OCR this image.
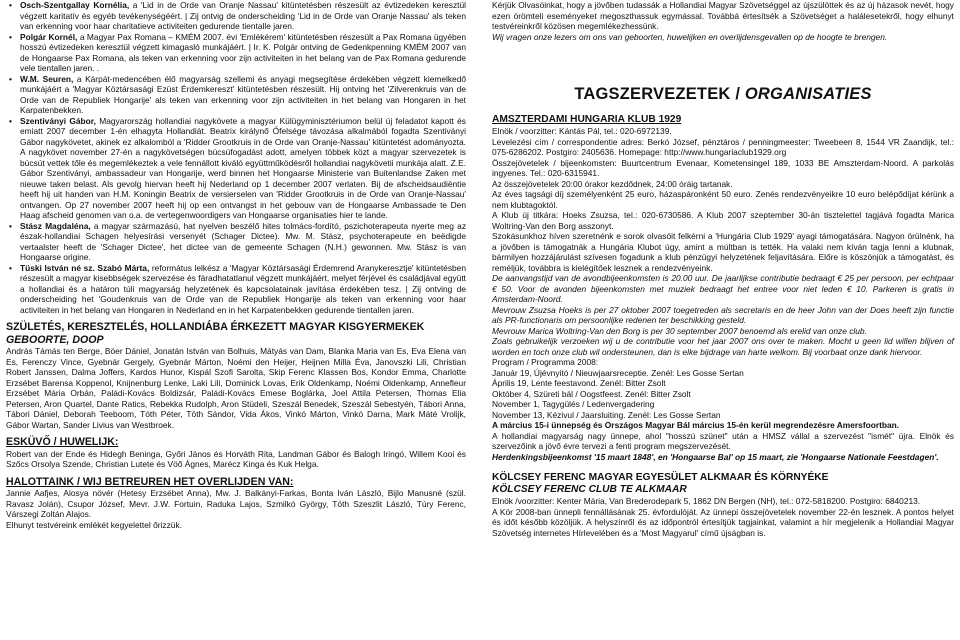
• Osch-Szentgallay Kornélia, a 'Lid in de Orde van Oranje Nassau' kitüntetésben részesült az évtizedeken keresztül végzett karitatív és egyéb tevékenységéért. | Zij ontvig de onderscheiding 'Lid in de Orde van Oranje Nassau' als teken van erkenning voor haar charitatieve activiteiten gedurende tientalle jaren.

• Polgár Kornél, a Magyar Pax Romana – KMÉM 2007. évi 'Emlékérem' kitüntetésben részesült a Pax Romana ügyében hosszú évtizedeken keresztül végzett kimagasló munkájáért. | Ir. K. Polgár ontving de Gedenkpenning KMÉM 2007 van de Hongaarse Pax Romana, als teken van erkenning voor zijn activiteiten in het belang van de Pax Romana gedurende vele tientallen jaren. .

• W.M. Seuren, a Kárpát-medencében élő magyarság szellemi és anyagi megsegítése érdekében végzett kiemelkedő munkájáért a 'Magyar Köztársasági Ezüst Érdemkereszt' kitüntetésben részesült. Hij ontving het 'Zilverenkruis van de Orde van de Republiek Hongarije' als teken van erkenning voor zijn activiteiten in het belang van Hongaren in het Karpatenbekken.

• Szentiványi Gábor, Magyarország hollandiai nagykövete a magyar Külügyminisztériumon belül új feladatot kapott és emiatt 2007 december 1-én elhagyta Hollandiát. Beatrix királynő Őfelsége távozása alkalmából fogadta Szentiványi Gábor nagykövetet, akinek ez alkalomból a 'Ridder Grootkruis in de Orde van Oranje-Nassau' kitüntetést adományozta. A nagykövet november 27-én a nagykövetségen búcsúfogadást adott, amelyen többek közt a magyar szervezetek is búcsút vettek tőle és megemlékeztek a vele fennállott kiváló együttműködésről hollandiai nagykövetii munkája alatt. Z.E. Gábor Szentiványi, ambassadeur van Hongarije, werd binnen het Hongaarse Ministerie van Buitenlandse Zaken met nieuwe taken belast. Als gevolg hiervan heeft hij Nederland op 1 december 2007 verlaten. Bij de afscheidsaudiëntie heeft hij uit handen van H.M. Koningin Beatrix de versierselen van 'Ridder Grootkruis in de Orde van Oranje-Nassau' ontvangen. Op 27 november 2007 heeft hij op een ontvangst in het gebouw van de Hongaarse Ambassade te Den Haag afscheid genomen van o.a. de vertegenwoordigers van Hongaarse organisaties hier te lande.

• Stász Magdaléna, a magyar származású, hat nyelven beszélő hites tolmács-fordító, pszichoterapeuta nyerte meg az észak-hollandiai Schagen helyesírási versenyét (Schager Dictee). Mw. M. Stász, psychoterapeute en beëdigde vertaalster heeft de 'Schager Dictee', het dictee van de gemeente Schagen (N.H.) gewonnen. Mw. Stász is van Hongaarse origine.

• Tüski István né sz. Szabó Márta, református lelkész a 'Magyar Köztársasági Érdemrend Aranykeresztje' kitüntetésben részesült a magyar kisebbségek szervezése és fáradhatatlanul végzett munkájáért, melyet férjével és családjával együtt a hollandiai és a határon túli magyarság helyzetének és kapcsolatainak javítása érdekében tesz. | Zij ontving de onderscheiding het 'Goudenkruis van de Orde van de Republiek Hongarije als teken van erkenning voor haar activiteiten in het belang van Hongaren in Nederland en in het Karpatenbekken gedurende tientallen jaren.

SZÜLETÉS, KERESZTELÉS, HOLLANDIÁBA ÉRKEZETT MAGYAR KISGYERMEKEK
GEBOORTE, DOOP

András Támás ten Berge, Böer Dániel, Jonatán István van Bolhuis, Mátyás van Dam, Blanka Maria van Es, Eva Elena van Es, Ferenczy Vince, Gyebnár Gergely, Gyebnár Márton, Noémi den Heijer, Heijnen Milla Éva, Janovszki Lili, Christian Robert Janssen, Dalma Joffers, Kardos Hunor, Kispál Szofi Sarolta, Skip Ferenc Klassen Bos, Kondor Emma, Charlotte Erzsébet Barensa Koppenol, Knijnenburg Lenke, Laki Lili, Dominick Lovas, Erik Oldenkamp, Noémi Oldenkamp, Annefleur Erzsébet Mária Orbán, Paládi-Kovács Boldizsár, Paládi-Kovács Emese Boglárka, Joel Attila Petersen, Thomas Elia Petersen, Aron Quartel, Dante Ratics, Rebekka Rudolph, Aron Stüdeli, Szeszál Benedek, Szeszál Sebestyén, Tábori Anna, Tábori Dániel, Deborah Teeboom, Tóth Péter, Tóth Sándor, Vida Ákos, Vinkó Márton, Vinkó Darna, Mark Máté Vrolijk, Gábor Wartan, Sander Livius van Westbroek.

ESKÜVŐ / HUWELIJK:

Robert van der Ende és Hidegh Beninga, Győri János és Horváth Rita, Landman Gábor és Balogh Iringó, Willem Kooi és Szőcs Orsolya Szende, Christian Lutete és Vöő Ágnes, Marécz Kinga és Kuk Helga.

HALOTTAINK / WIJ BETREUREN HET OVERLIJDEN VAN:

Jannie Aafjes, Alosya növér (Hetesy Erzsébet Anna), Mw. J. Balkányi-Farkas, Bonta Iván László, Bijlo Manusné (szül. Ravasz Jolán), Csupor József, Mevr. J.W. Fortuin, Raduka Lajos, Szmilkó György, Tóth Szeszlit László, Túry Ferenc, Várszegi Zoltán Alajos.

Elhunyt testvéreink emlékét kegyelettel őrizzük.

Kérjük Olvasóinkat, hogy a jövőben tudassák a Hollandiai Magyar Szövetséggel az újszülöttek és az új házasok nevét, hogy ezen örömteli eseményeket megoszthassuk egymással. Továbbá értesítsék a Szövetséget a halálesetekről, hogy elhunyt testvéreinkről közösen megemlékezhessünk.

Wij vragen onze lezers om ons van geboorten, huwelijken en overlijdensgevallen op de hoogte te brengen.

TAGSZERVEZETEK / ORGANISATIES
AMSZTERDAMI HUNGARIA KLUB 1929

Elnök / voorzitter: Kántás Pál, tel.: 020-6972139.

Levelezési cím / correspondentie adres: Berkó József, pénztáros / penningmeester: Tweebeen 8, 1544 VR Zaandijk, tel.: 075-6286202. Postgiro: 2405636. Homepage: http://www.hungariaclub1929.org

Összejövetelek / bijeenkomsten: Buurtcentrum Evenaar, Kometensingel 189, 1033 BE Amszterdam-Noord. A parkolás ingyenes. Tel.: 020-6315941.

Az összejövetelek 20:00 órakor kezdődnek, 24:00 óráig tartanak.

Az éves tagsági díj személyenként 25 euro, házaspáronként 50 euro. Zenés rendezvényeikre 10 euro belépődíjat kérünk a nem klubtagoktól.

A Klub új titkára: Hoeks Zsuzsa, tel.: 020-6730586. A Klub 2007 szeptember 30-án tisztelettel tagjává fogadta Marica Woltring-Van den Borg asszonyt.

Szokásunkhoz híven szeretnénk e sorok olvasóit felkérni a 'Hungária Club 1929' ayagi támogatására. Nagyon örülnénk, ha a jövőben is támogatnák a Hungária Klubot úgy, amint a múltban is tették. Ha valaki nem kíván tagja lenni a klubnak, bármilyen hozzájárulást szívesen fogadunk a klub pénzügyi helyzetének feljavítására. Előre is köszönjük a támogatást, és reméljük, továbbra is kielégítőek lesznek a rendezvényeink.

De aanvangstijd van de avondbijeenkomsten is 20.00 uur. De jaarlijkse contributie bedraagt € 25 per persoon, per echtpaar € 50. Voor de avonden bijeenkomsten met muziek bedraagt het entree voor niet leden € 10. Parkeren is gratis in Amsterdam-Noord.

Mevrouw Zsuzsa Hoeks is per 27 oktober 2007 toegetreden als secretaris en de heer John van der Does heeft zijn functie als PR-functionaris om persoonlijke redenen ter beschikking gesteld.

Mevrouw Marica Woltring-Van den Borg is per 30 september 2007 benoemd als erelid van onze club.

Zoals gebruikelijk verzoeken wij u de contributie voor het jaar 2007 ons over te maken. Mocht u geen lid willen blijven of worden en toch onze club wil ondersteunen, dan is elke bijdrage van harte welkom. Bij voorbaat onze dank hiervoor.

Program / Programma 2008:

Január 19, Újévnyitó / Nieuwjaarsreceptie. Zenél: Les Gosse Sertan

Április 19, Lente feestavond. Zenél: Bitter Zsolt

Október 4, Szüreti bál / Oogstfeest. Zenél: Bitter Zsolt

November 1, Tagygülés / Ledenvergadering

November 13, Kézivul / Jaarsluiting. Zenél: Les Gosse Sertan

A március 15-i ünnepség és Országos Magyar Bál március 15-én kerül megrendezésre Amersfoortban.

A hollandiai magyarság nagy ünnepe, ahol "hosszú szünet" után a HMSZ vállal a szervezést "ismét" újra. Elnök és szervezőink a jövő évre tervezi a fenti program megszervezését.

Herdenkingsbijeenkomst '15 maart 1848', en 'Hongaarse Bal' op 15 maart, zie 'Hongaarse Nationale Feestdagen'.

KÖLCSEY FERENC MAGYAR EGYESÜLET ALKMAAR ÉS KÖRNYÉKE
KÖLCSEY FERENC CLUB TE ALKMAAR

Elnök /voorzitter: Kenter Mária, Van Brederodepark 5, 1862 DN Bergen (NH), tel.: 072-5818200. Postgiro: 6840213.

A Kör 2008-ban ünnepli fennállásának 25. évfordulóját. Az ünnepi összejövetelek november 22-én lesznek. A pontos helyet és időt később közöljük. A helyszínről és az időpontról értesítjük tagjainkat, valamint a hír megjelenik a Hollandiai Magyar Szövetség internetes Hírlevelében és a 'Most Magyarul' című újságban is.
